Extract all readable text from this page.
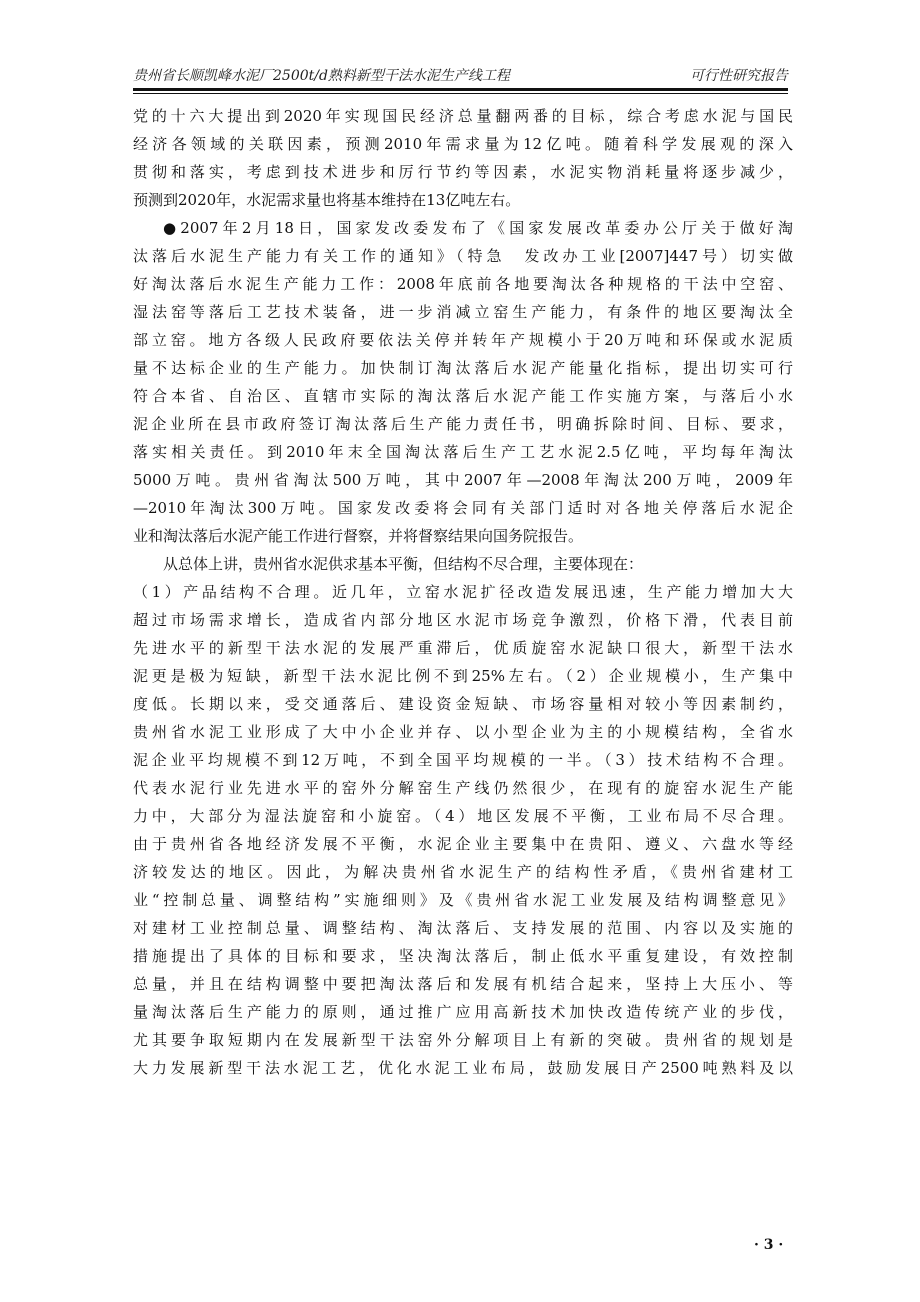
贵州省长顺凯峰水泥厂2500t/d熟料新型干法水泥生产线工程	可行性研究报告
党的十六大提出到2020年实现国民经济总量翻两番的目标，综合考虑水泥与国民
经济各领域的关联因素，预测2010年需求量为12亿吨。随着科学发展观的深入
贯彻和落实，考虑到技术进步和厉行节约等因素，水泥实物消耗量将逐步减少，
预测到2020年，水泥需求量也将基本维持在13亿吨左右。
●2007年2月18日，国家发改委发布了《国家发展改革委办公厅关于做好淘
汰落后水泥生产能力有关工作的通知》（特急　发改办工业[2007]447号）切实做
好淘汰落后水泥生产能力工作：2008年底前各地要淘汰各种规格的干法中空窑、
湿法窑等落后工艺技术装备，进一步消减立窑生产能力，有条件的地区要淘汰全
部立窑。地方各级人民政府要依法关停并转年产规模小于20万吨和环保或水泥质
量不达标企业的生产能力。加快制订淘汰落后水泥产能量化指标，提出切实可行
符合本省、自治区、直辖市实际的淘汰落后水泥产能工作实施方案，与落后小水
泥企业所在县市政府签订淘汰落后生产能力责任书，明确拆除时间、目标、要求，
落实相关责任。到2010年末全国淘汰落后生产工艺水泥2.5亿吨，平均每年淘汰
5000万吨。贵州省淘汰500万吨，其中2007年—2008年淘汰200万吨，2009年
—2010年淘汰300万吨。国家发改委将会同有关部门适时对各地关停落后水泥企
业和淘汰落后水泥产能工作进行督察，并将督察结果向国务院报告。
从总体上讲，贵州省水泥供求基本平衡，但结构不尽合理，主要体现在：
（1）产品结构不合理。近几年，立窑水泥扩径改造发展迅速，生产能力增加大大
超过市场需求增长，造成省内部分地区水泥市场竞争激烈，价格下滑，代表目前
先进水平的新型干法水泥的发展严重滞后，优质旋窑水泥缺口很大，新型干法水
泥更是极为短缺，新型干法水泥比例不到25%左右。（2）企业规模小，生产集中
度低。长期以来，受交通落后、建设资金短缺、市场容量相对较小等因素制约，
贵州省水泥工业形成了大中小企业并存、以小型企业为主的小规模结构，全省水
泥企业平均规模不到12万吨，不到全国平均规模的一半。（3）技术结构不合理。
代表水泥行业先进水平的窑外分解窑生产线仍然很少，在现有的旋窑水泥生产能
力中，大部分为湿法旋窑和小旋窑。（4）地区发展不平衡，工业布局不尽合理。
由于贵州省各地经济发展不平衡，水泥企业主要集中在贵阳、遵义、六盘水等经
济较发达的地区。因此，为解决贵州省水泥生产的结构性矛盾，《贵州省建材工
业“控制总量、调整结构”实施细则》及《贵州省水泥工业发展及结构调整意见》
对建材工业控制总量、调整结构、淘汰落后、支持发展的范围、内容以及实施的
措施提出了具体的目标和要求，坚决淘汰落后，制止低水平重复建设，有效控制
总量，并且在结构调整中要把淘汰落后和发展有机结合起来，坚持上大压小、等
量淘汰落后生产能力的原则，通过推广应用高新技术加快改造传统产业的步伐，
尤其要争取短期内在发展新型干法窑外分解项目上有新的突破。贵州省的规划是
大力发展新型干法水泥工艺，优化水泥工业布局，鼓励发展日产2500吨熟料及以
· 3 ·
